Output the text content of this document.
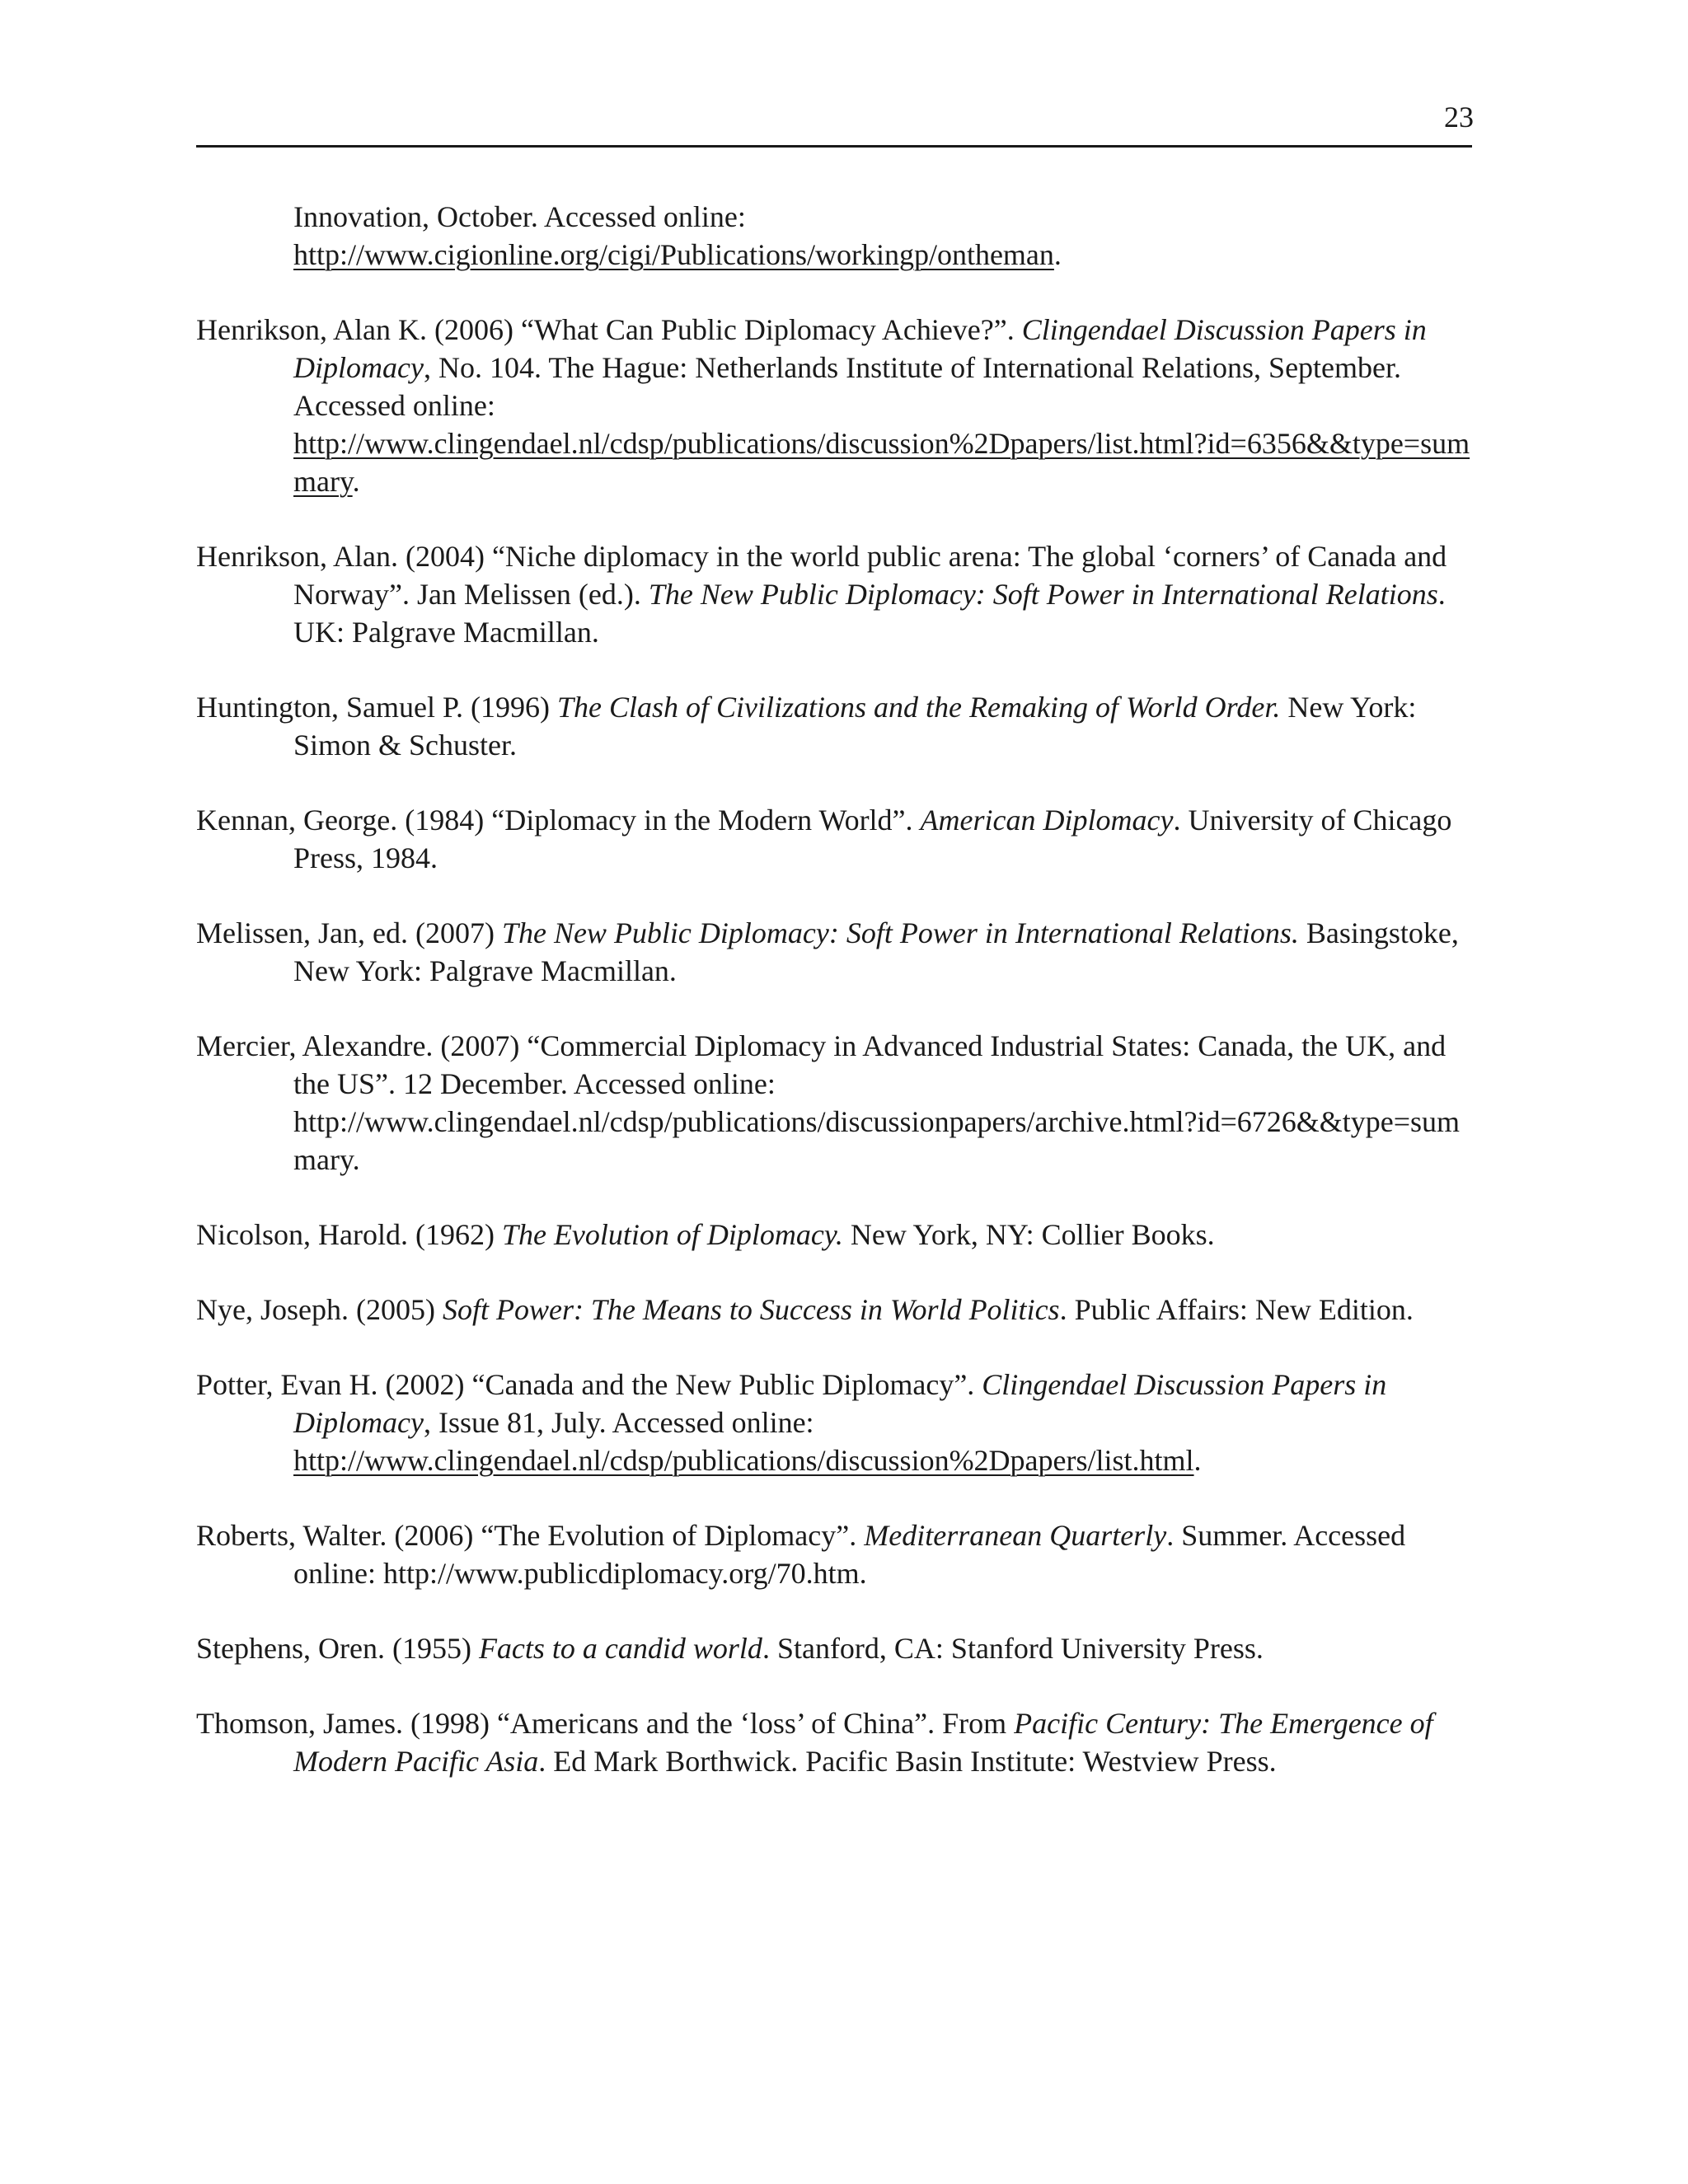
23

Innovation, October. Accessed online:
http://www.cigionline.org/cigi/Publications/workingp/ontheman.

Henrikson, Alan K. (2006) “What Can Public Diplomacy Achieve?”. Clingendael Discussion Papers in Diplomacy, No. 104. The Hague: Netherlands Institute of International Relations, September. Accessed online:
http://www.clingendael.nl/cdsp/publications/discussion%2Dpapers/list.html?id=6356&&type=summary.

Henrikson, Alan. (2004) “Niche diplomacy in the world public arena: The global ‘corners’ of Canada and Norway”. Jan Melissen (ed.). The New Public Diplomacy: Soft Power in International Relations. UK: Palgrave Macmillan.

Huntington, Samuel P. (1996) The Clash of Civilizations and the Remaking of World Order. New York: Simon & Schuster.

Kennan, George. (1984) “Diplomacy in the Modern World”. American Diplomacy. University of Chicago Press, 1984.

Melissen, Jan, ed. (2007) The New Public Diplomacy: Soft Power in International Relations. Basingstoke, New York: Palgrave Macmillan.

Mercier, Alexandre. (2007) “Commercial Diplomacy in Advanced Industrial States: Canada, the UK, and the US”. 12 December. Accessed online:
http://www.clingendael.nl/cdsp/publications/discussionpapers/archive.html?id=6726&&type=summary.

Nicolson, Harold. (1962) The Evolution of Diplomacy. New York, NY: Collier Books.

Nye, Joseph. (2005) Soft Power: The Means to Success in World Politics. Public Affairs: New Edition.

Potter, Evan H. (2002) “Canada and the New Public Diplomacy”. Clingendael Discussion Papers in Diplomacy, Issue 81, July. Accessed online:
http://www.clingendael.nl/cdsp/publications/discussion%2Dpapers/list.html.

Roberts, Walter. (2006) “The Evolution of Diplomacy”. Mediterranean Quarterly. Summer. Accessed online: http://www.publicdiplomacy.org/70.htm.

Stephens, Oren. (1955) Facts to a candid world. Stanford, CA: Stanford University Press.

Thomson, James. (1998) “Americans and the ‘loss’ of China”. From Pacific Century: The Emergence of Modern Pacific Asia. Ed Mark Borthwick. Pacific Basin Institute: Westview Press.
